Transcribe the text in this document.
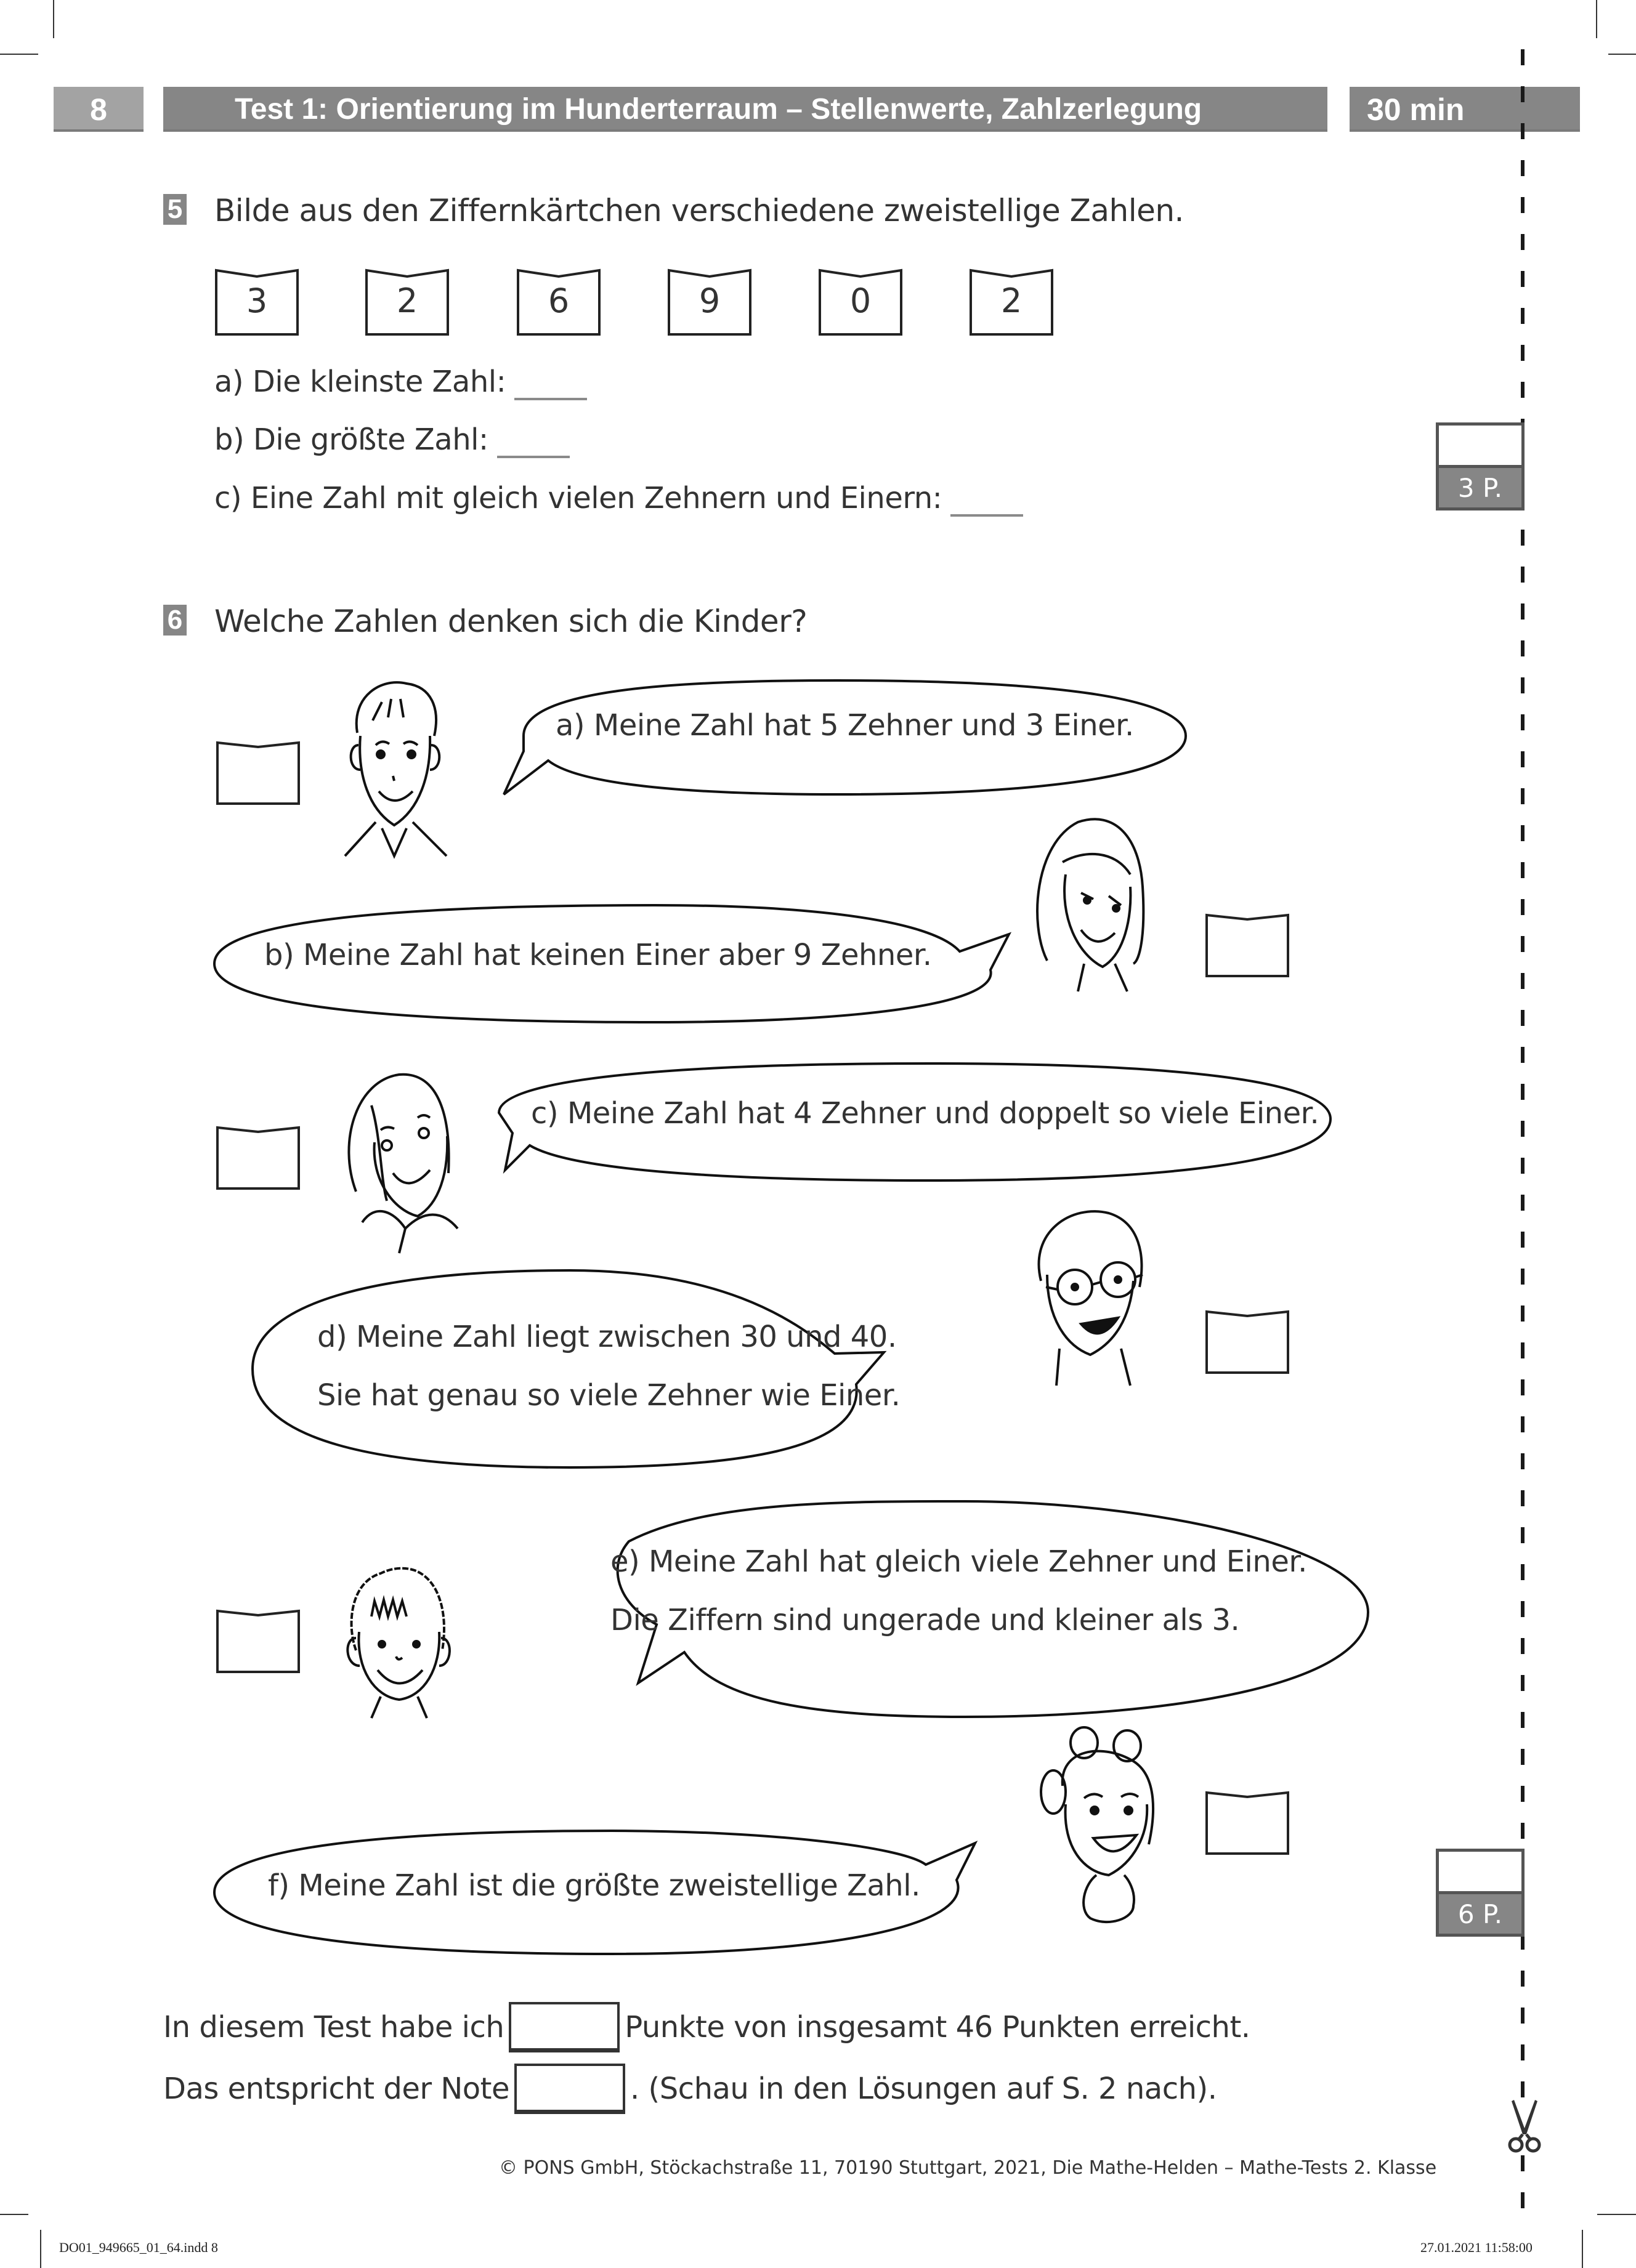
8	Test 1: Orientierung im Hunderterraum – Stellenwerte, Zahlzerlegung	30 min
5 Bilde aus den Ziffernkärtchen verschiedene zweistellige Zahlen.
3	2	6	9	0	2
a) Die kleinste Zahl:
b) Die größte Zahl:
c) Eine Zahl mit gleich vielen Zehnern und Einern:	3 P.
6 Welche Zahlen denken sich die Kinder?
a) Meine Zahl hat 5 Zehner und 3 Einer.
b) Meine Zahl hat keinen Einer aber 9 Zehner.
c) Meine Zahl hat 4 Zehner und doppelt so viele Einer.
d) Meine Zahl liegt zwischen 30 und 40.
Sie hat genau so viele Zehner wie Einer.
e) Meine Zahl hat gleich viele Zehner und Einer.
Die Ziffern sind ungerade und kleiner als 3.
f) Meine Zahl ist die größte zweistellige Zahl.
6 P.
In diesem Test habe ich	Punkte von insgesamt 46 Punkten erreicht.
Das entspricht der Note	. (Schau in den Lösungen auf S. 2 nach).
© PONS GmbH, Stöckachstraße 11, 70190 Stuttgart, 2021, Die Mathe-Helden – Mathe-Tests 2. Klasse
DO01_949665_01_64.indd 8	27.01.2021 11:58:00
